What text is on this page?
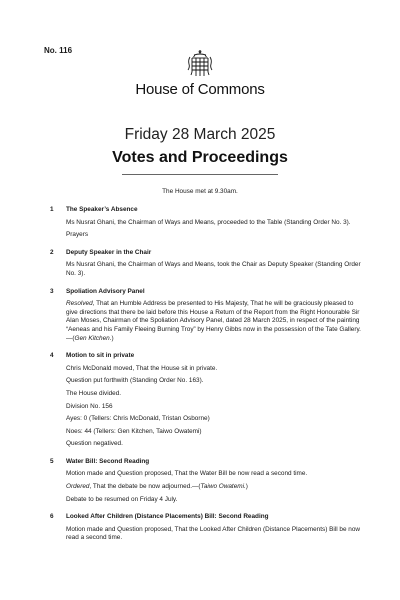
No. 116
House of Commons
Friday 28 March 2025
Votes and Proceedings
The House met at 9.30am.
1 The Speaker’s Absence
Ms Nusrat Ghani, the Chairman of Ways and Means, proceeded to the Table (Standing Order No. 3).
Prayers
2 Deputy Speaker in the Chair
Ms Nusrat Ghani, the Chairman of Ways and Means, took the Chair as Deputy Speaker (Standing Order No. 3).
3 Spoliation Advisory Panel
Resolved, That an Humble Address be presented to His Majesty, That he will be graciously pleased to give directions that there be laid before this House a Return of the Report from the Right Honourable Sir Alan Moses, Chairman of the Spoliation Advisory Panel, dated 28 March 2025, in respect of the painting “Aeneas and his Family Fleeing Burning Troy” by Henry Gibbs now in the possession of the Tate Gallery.—(Gen Kitchen.)
4 Motion to sit in private
Chris McDonald moved, That the House sit in private.
Question put forthwith (Standing Order No. 163).
The House divided.
Division No. 156
Ayes: 0 (Tellers: Chris McDonald, Tristan Osborne)
Noes: 44 (Tellers: Gen Kitchen, Taiwo Owatemi)
Question negatived.
5 Water Bill: Second Reading
Motion made and Question proposed, That the Water Bill be now read a second time.
Ordered, That the debate be now adjourned.—(Taiwo Owatemi.)
Debate to be resumed on Friday 4 July.
6 Looked After Children (Distance Placements) Bill: Second Reading
Motion made and Question proposed, That the Looked After Children (Distance Placements) Bill be now read a second time.
